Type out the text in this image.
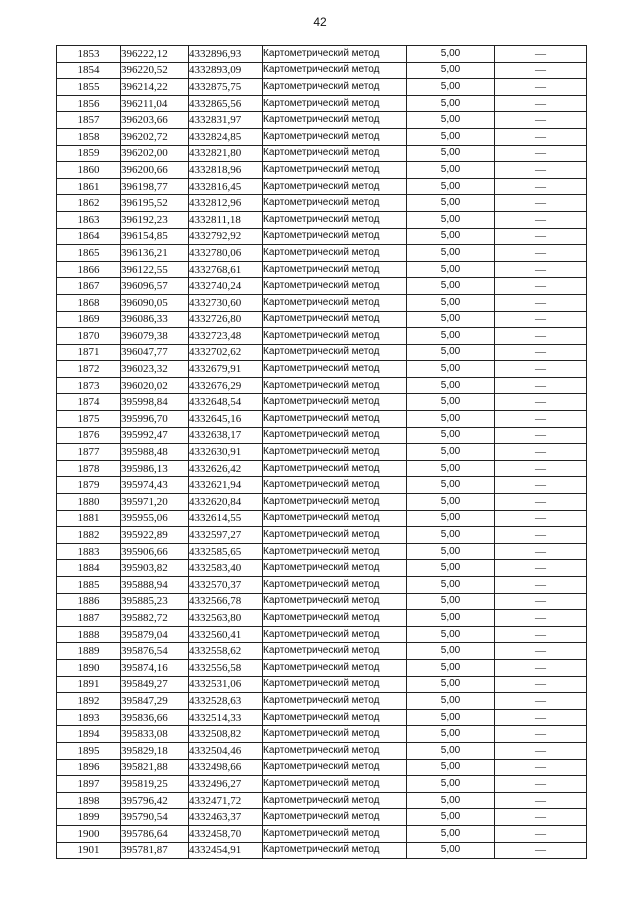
42
1853	396222,12	4332896,93	Картометрический метод	5,00	—
1854	396220,52	4332893,09	Картометрический метод	5,00	—
1855	396214,22	4332875,75	Картометрический метод	5,00	—
1856	396211,04	4332865,56	Картометрический метод	5,00	—
1857	396203,66	4332831,97	Картометрический метод	5,00	—
1858	396202,72	4332824,85	Картометрический метод	5,00	—
1859	396202,00	4332821,80	Картометрический метод	5,00	—
1860	396200,66	4332818,96	Картометрический метод	5,00	—
1861	396198,77	4332816,45	Картометрический метод	5,00	—
1862	396195,52	4332812,96	Картометрический метод	5,00	—
1863	396192,23	4332811,18	Картометрический метод	5,00	—
1864	396154,85	4332792,92	Картометрический метод	5,00	—
1865	396136,21	4332780,06	Картометрический метод	5,00	—
1866	396122,55	4332768,61	Картометрический метод	5,00	—
1867	396096,57	4332740,24	Картометрический метод	5,00	—
1868	396090,05	4332730,60	Картометрический метод	5,00	—
1869	396086,33	4332726,80	Картометрический метод	5,00	—
1870	396079,38	4332723,48	Картометрический метод	5,00	—
1871	396047,77	4332702,62	Картометрический метод	5,00	—
1872	396023,32	4332679,91	Картометрический метод	5,00	—
1873	396020,02	4332676,29	Картометрический метод	5,00	—
1874	395998,84	4332648,54	Картометрический метод	5,00	—
1875	395996,70	4332645,16	Картометрический метод	5,00	—
1876	395992,47	4332638,17	Картометрический метод	5,00	—
1877	395988,48	4332630,91	Картометрический метод	5,00	—
1878	395986,13	4332626,42	Картометрический метод	5,00	—
1879	395974,43	4332621,94	Картометрический метод	5,00	—
1880	395971,20	4332620,84	Картометрический метод	5,00	—
1881	395955,06	4332614,55	Картометрический метод	5,00	—
1882	395922,89	4332597,27	Картометрический метод	5,00	—
1883	395906,66	4332585,65	Картометрический метод	5,00	—
1884	395903,82	4332583,40	Картометрический метод	5,00	—
1885	395888,94	4332570,37	Картометрический метод	5,00	—
1886	395885,23	4332566,78	Картометрический метод	5,00	—
1887	395882,72	4332563,80	Картометрический метод	5,00	—
1888	395879,04	4332560,41	Картометрический метод	5,00	—
1889	395876,54	4332558,62	Картометрический метод	5,00	—
1890	395874,16	4332556,58	Картометрический метод	5,00	—
1891	395849,27	4332531,06	Картометрический метод	5,00	—
1892	395847,29	4332528,63	Картометрический метод	5,00	—
1893	395836,66	4332514,33	Картометрический метод	5,00	—
1894	395833,08	4332508,82	Картометрический метод	5,00	—
1895	395829,18	4332504,46	Картометрический метод	5,00	—
1896	395821,88	4332498,66	Картометрический метод	5,00	—
1897	395819,25	4332496,27	Картометрический метод	5,00	—
1898	395796,42	4332471,72	Картометрический метод	5,00	—
1899	395790,54	4332463,37	Картометрический метод	5,00	—
1900	395786,64	4332458,70	Картометрический метод	5,00	—
1901	395781,87	4332454,91	Картометрический метод	5,00	—
